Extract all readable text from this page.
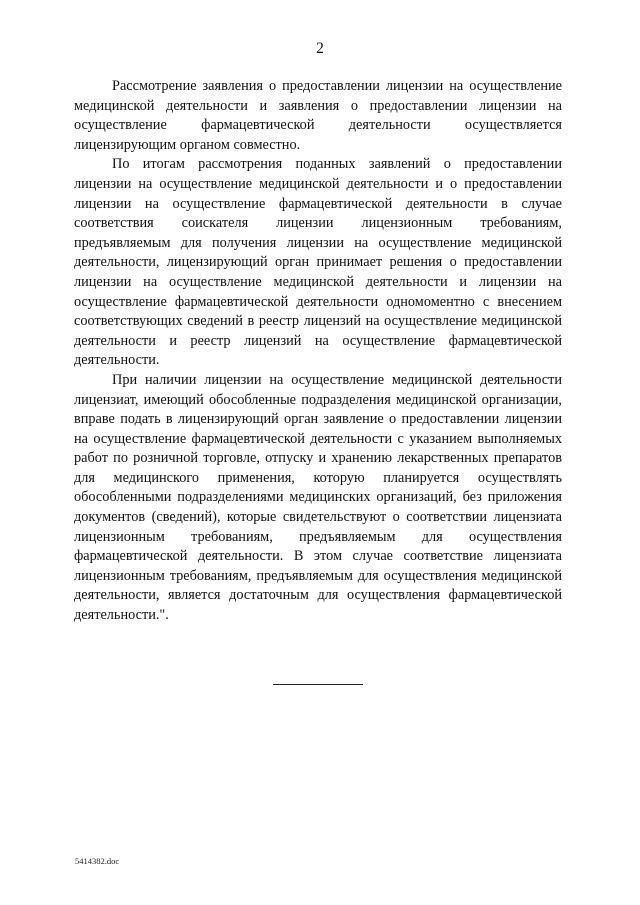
2

Рассмотрение заявления о предоставлении лицензии на осуществление медицинской деятельности и заявления о предоставлении лицензии на осуществление фармацевтической деятельности осуществляется лицензирующим органом совместно.

По итогам рассмотрения поданных заявлений о предоставлении лицензии на осуществление медицинской деятельности и о предоставлении лицензии на осуществление фармацевтической деятельности в случае соответствия соискателя лицензии лицензионным требованиям, предъявляемым для получения лицензии на осуществление медицинской деятельности, лицензирующий орган принимает решения о предоставлении лицензии на осуществление медицинской деятельности и лицензии на осуществление фармацевтической деятельности одномоментно с внесением соответствующих сведений в реестр лицензий на осуществление медицинской деятельности и реестр лицензий на осуществление фармацевтической деятельности.

При наличии лицензии на осуществление медицинской деятельности лицензиат, имеющий обособленные подразделения медицинской организации, вправе подать в лицензирующий орган заявление о предоставлении лицензии на осуществление фармацевтической деятельности с указанием выполняемых работ по розничной торговле, отпуску и хранению лекарственных препаратов для медицинского применения, которую планируется осуществлять обособленными подразделениями медицинских организаций, без приложения документов (сведений), которые свидетельствуют о соответствии лицензиата лицензионным требованиям, предъявляемым для осуществления фармацевтической деятельности. В этом случае соответствие лицензиата лицензионным требованиям, предъявляемым для осуществления медицинской деятельности, является достаточным для осуществления фармацевтической деятельности.".

5414382.doc
